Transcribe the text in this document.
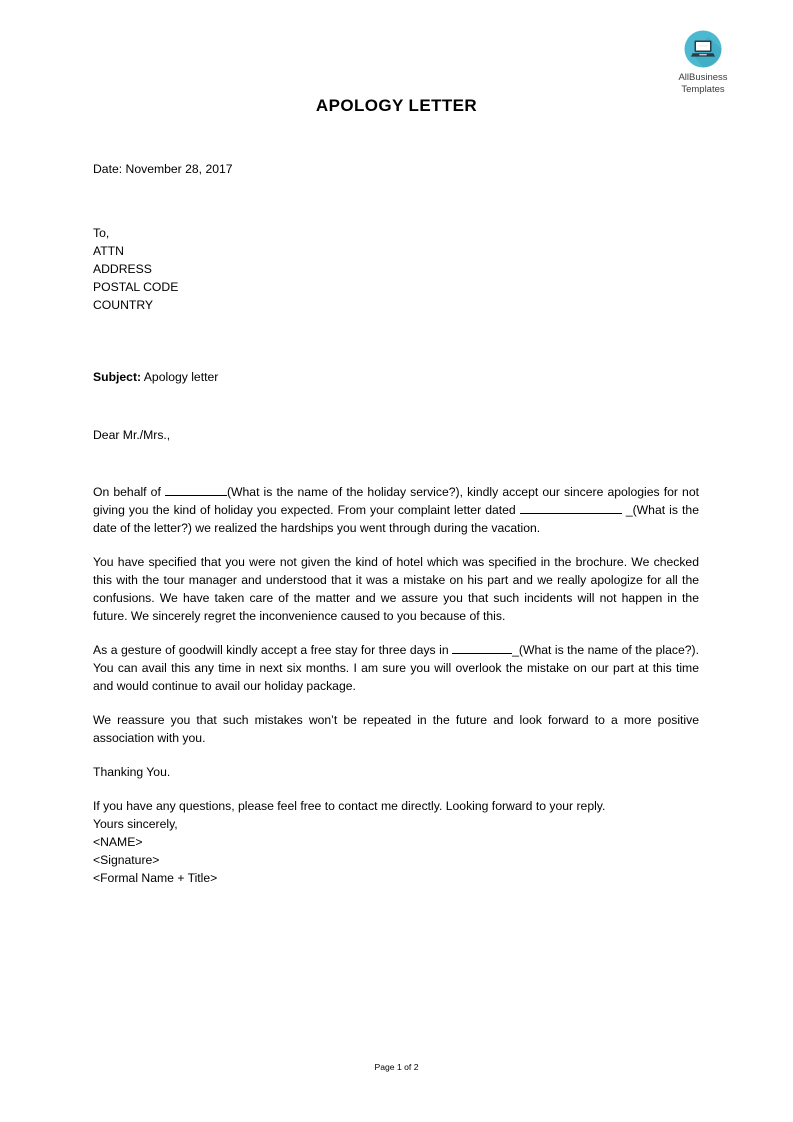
AllBusiness
Templates
APOLOGY LETTER
Date: November 28, 2017
To,
ATTN
ADDRESS
POSTAL CODE
COUNTRY
Subject: Apology letter
Dear Mr./Mrs.,

On behalf of	(What is the name of the holiday service?), kindly accept our sincere apologies for not giving you the kind of holiday you expected. From your complaint letter dated	_(What is the date of the letter?) we realized the hardships you went through during the vacation.

You have specified that you were not given the kind of hotel which was specified in the brochure. We checked this with the tour manager and understood that it was a mistake on his part and we really apologize for all the confusions. We have taken care of the matter and we assure you that such incidents will not happen in the future. We sincerely regret the inconvenience caused to you because of this.

As a gesture of goodwill kindly accept a free stay for three days in	_(What is the name of the place?). You can avail this any time in next six months. I am sure you will overlook the mistake on our part at this time and would continue to avail our holiday package.

We reassure you that such mistakes won’t be repeated in the future and look forward to a more positive association with you.

Thanking You.

If you have any questions, please feel free to contact me directly. Looking forward to your reply.

Yours sincerely,

<NAME>

<Signature>

<Formal Name + Title>

Page 1 of 2
